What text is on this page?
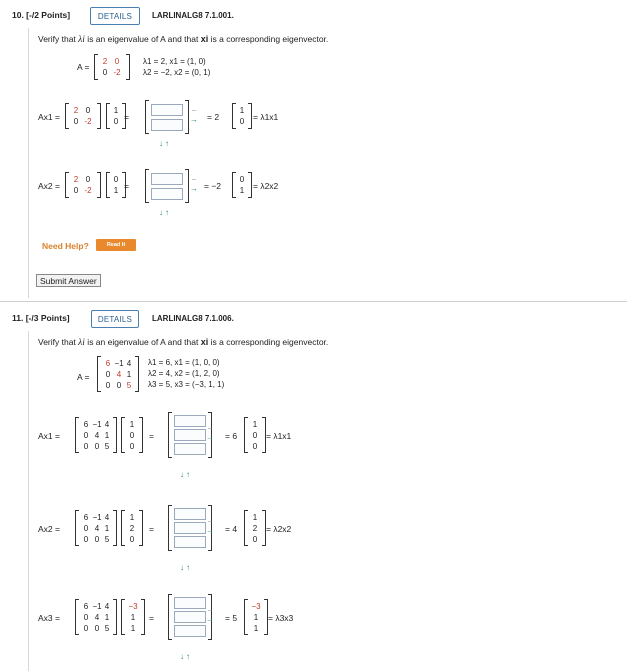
10. [-/2 Points]	DETAILS	LARLINALG8 7.1.001.
Verify that λi is an eigenvalue of A and that xi is a corresponding eigenvector.
A =
2 0
0 -2
λ1 = 2, x1 = (1, 0)
λ2 = −2, x2 = (0, 1)
Ax1 =
2 0
0 -2
1
0 =
−
→ = 2
1
0 = λ1x1
↓↑
Ax2 =
2 0
0 -2
0
1 =
−
→ = −2
0
1 = λ2x2
↓↑
Need Help?	Read It
Submit Answer
11. [-/3 Points]	DETAILS	LARLINALG8 7.1.006.
Verify that λi is an eigenvalue of A and that xi is a corresponding eigenvector.
A =
6 −1 4
0 4 1
0 0 5
λ1 = 6, x1 = (1, 0, 0)
λ2 = 4, x2 = (1, 2, 0)
λ3 = 5, x3 = (−3, 1, 1)
Ax1 =
6 −1 4
0 4 1
0 0 5
1
0
0
=
−
→ = 6
1
0
0
= λ1x1
↓↑
Ax2 =
6 −1 4
0 4 1
0 0 5
1
2
0
=
−
→ = 4
1
2
0
= λ2x2
↓↑
Ax3 =
6 −1 4
0 4 1
0 0 5
−3
1
1
=
−
→ = 5
−3
1
1
= λ3x3
↓↑
